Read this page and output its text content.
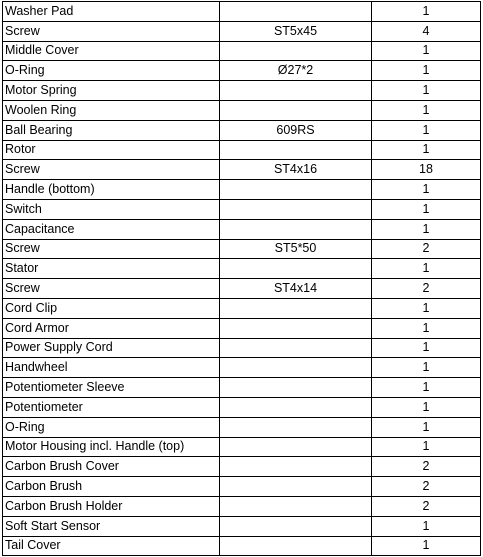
Washer Pad		1
Screw	ST5x45	4
Middle Cover		1
O-Ring	Ø27*2	1
Motor Spring		1
Woolen Ring		1
Ball Bearing	609RS	1
Rotor		1
Screw	ST4x16	18
Handle (bottom)		1
Switch		1
Capacitance		1
Screw	ST5*50	2
Stator		1
Screw	ST4x14	2
Cord Clip		1
Cord Armor		1
Power Supply Cord		1
Handwheel		1
Potentiometer Sleeve		1
Potentiometer		1
O-Ring		1
Motor Housing incl. Handle (top)		1
Carbon Brush Cover		2
Carbon Brush		2
Carbon Brush Holder		2
Soft Start Sensor		1
Tail Cover		1
